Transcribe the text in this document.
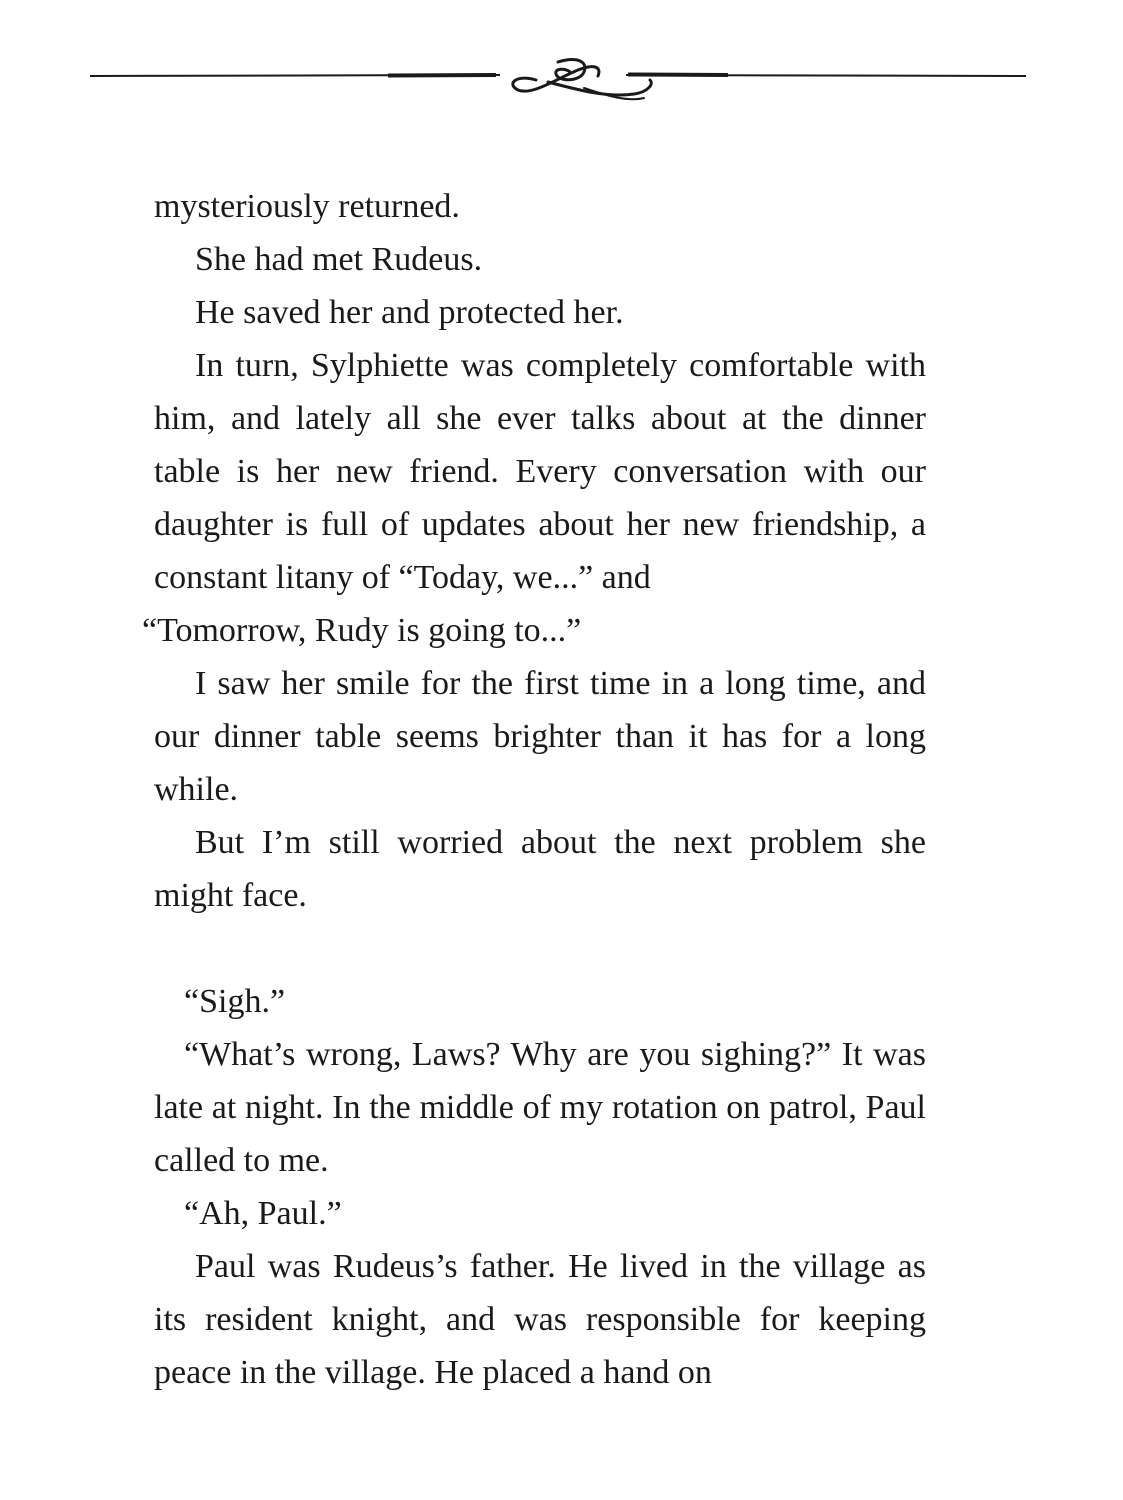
mysteriously returned.

She had met Rudeus.

He saved her and protected her.

In turn, Sylphiette was completely comfortable with him, and lately all she ever talks about at the dinner table is her new friend. Every conversation with our daughter is full of updates about her new friendship, a constant litany of “Today, we...” and

“Tomorrow, Rudy is going to...”

I saw her smile for the first time in a long time, and our dinner table seems brighter than it has for a long while.

But I’m still worried about the next problem she might face.

“Sigh.”

“What’s wrong, Laws? Why are you sighing?” It was late at night. In the middle of my rotation on patrol, Paul called to me.

“Ah, Paul.”

Paul was Rudeus’s father. He lived in the village as its resident knight, and was responsible for keeping peace in the village. He placed a hand on
